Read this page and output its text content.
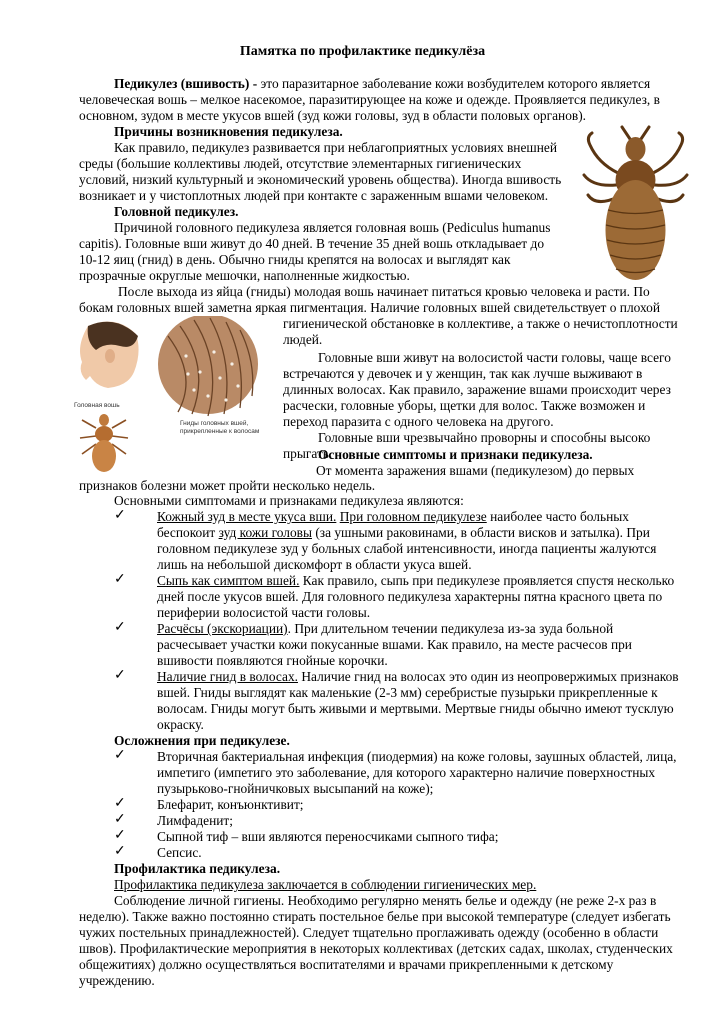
Памятка по профилактике педикулёза

Педикулез (вшивость) - это паразитарное заболевание кожи возбудителем которого является

человеческая вошь – мелкое насекомое, паразитирующее на коже и одежде. Проявляется педикулез, в

основном, зудом в месте укусов вшей (зуд кожи головы, зуд в области половых органов).

Причины возникновения педикулеза.

Как правило, педикулез развивается при неблагоприятных условиях внешней

среды (большие коллективы людей, отсутствие элементарных гигиенических

условий, низкий культурный и экономический уровень общества). Иногда вшивость

возникает и у чистоплотных людей при контакте с зараженным вшами человеком.

Головной педикулез.

Причиной головного педикулеза является головная вошь (Pediculus humanus

capitis). Головные вши живут до 40 дней. В течение 35 дней вошь откладывает до

10-12 яиц (гнид) в день. Обычно гниды крепятся на волосах и выглядят как

прозрачные округлые мешочки, наполненные жидкостью.

После выхода из яйца (гниды) молодая вошь начинает питаться кровью человека и расти. По

бокам головных вшей заметна яркая пигментация. Наличие головных вшей свидетельствует о плохой

гигиенической обстановке в коллективе, а также о нечистоплотности

людей.

Головные вши живут на волосистой части головы, чаще всего

встречаются у девочек и у женщин, так как лучше выживают в

длинных волосах. Как правило, заражение вшами происходит через

расчески, головные уборы, щетки для волос. Также возможен и

переход паразита с одного человека на другого.

Головные вши чрезвычайно проворны и способны высоко

прыгать.

Головная вошь
Гниды головных вшей,
прикрепленные к волосам

Основные симптомы и признаки педикулеза.

От момента заражения вшами (педикулезом) до первых

признаков болезни может пройти несколько недель.

Основными симптомами и признаками педикулеза являются:

✓ Кожный зуд в месте укуса вши. При головном педикулезе наиболее часто больных

беспокоит зуд кожи головы (за ушными раковинами, в области висков и затылка). При

головном педикулезе зуд у больных слабой интенсивности, иногда пациенты жалуются

лишь на небольшой дискомфорт в области укуса вшей.

✓ Сыпь как симптом вшей. Как правило, сыпь при педикулезе проявляется спустя несколько

дней после укусов вшей. Для головного педикулеза характерны пятна красного цвета по

периферии волосистой части головы.

✓ Расчёсы (экскориации). При длительном течении педикулеза из-за зуда больной

расчесывает участки кожи покусанные вшами. Как правило, на месте расчесов при

вшивости появляются гнойные корочки.

✓ Наличие гнид в волосах. Наличие гнид на волосах это один из неопровержимых признаков

вшей. Гниды выглядят как маленькие (2-3 мм) серебристые пузырьки прикрепленные к

волосам. Гниды могут быть живыми и мертвыми. Мертвые гниды обычно имеют тусклую

окраску.

Осложнения при педикулезе.

✓ Вторичная бактериальная инфекция (пиодермия) на коже головы, заушных областей, лица,

импетиго (импетиго это заболевание, для которого характерно наличие поверхностных

пузырьково-гнойничковых высыпаний на коже);

✓ Блефарит, конъюнктивит;

✓ Лимфаденит;

✓ Сыпной тиф – вши являются переносчиками сыпного тифа;

✓ Сепсис.

Профилактика педикулеза.

Профилактика педикулеза заключается в соблюдении гигиенических мер.

Соблюдение личной гигиены. Необходимо регулярно менять белье и одежду (не реже 2-х раз в

неделю). Также важно постоянно стирать постельное белье при высокой температуре (следует избегать

чужих постельных принадлежностей). Следует тщательно проглаживать одежду (особенно в области

швов). Профилактические мероприятия в некоторых коллективах (детских садах, школах, студенческих

общежитиях) должно осуществляться воспитателями и врачами прикрепленными к детскому

учреждению.
